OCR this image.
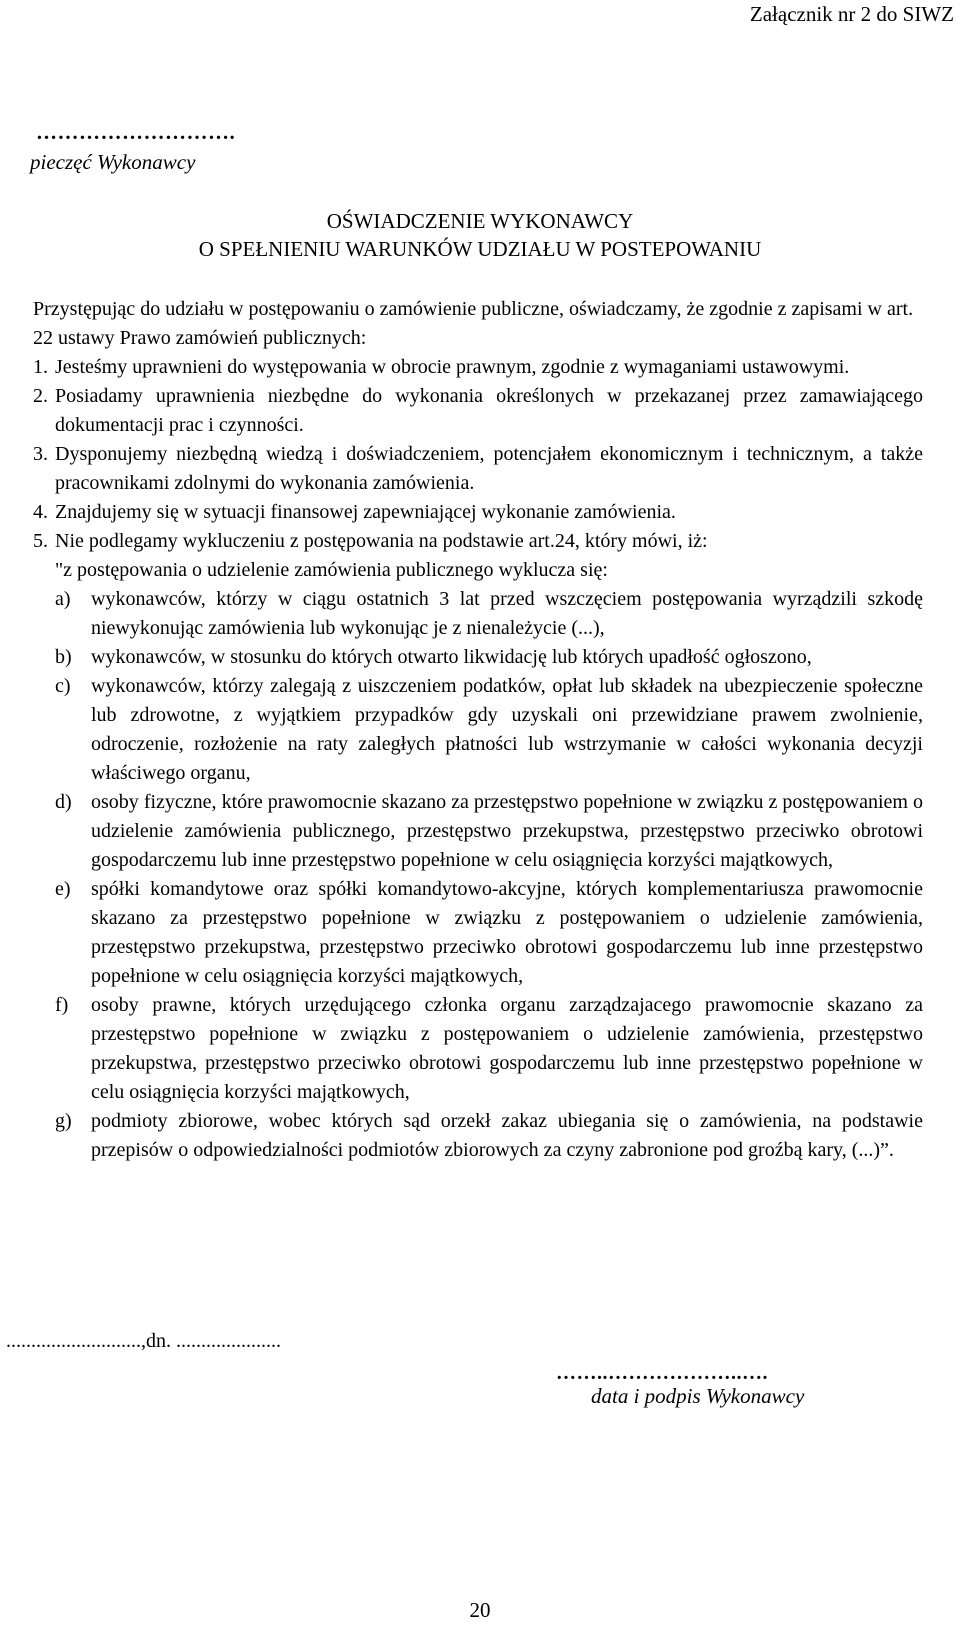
Załącznik nr 2 do SIWZ
……………………….
pieczęć Wykonawcy
OŚWIADCZENIE WYKONAWCY
O SPEŁNIENIU WARUNKÓW UDZIAŁU W POSTEPOWANIU

Przystępując do udziału w postępowaniu o zamówienie publiczne, oświadczamy, że zgodnie z zapisami w art. 22 ustawy Prawo zamówień publicznych:

1. Jesteśmy uprawnieni do występowania w obrocie prawnym, zgodnie z wymaganiami ustawowymi.
2. Posiadamy uprawnienia niezbędne do wykonania określonych w przekazanej przez zamawiającego dokumentacji prac i czynności.
3. Dysponujemy niezbędną wiedzą i doświadczeniem, potencjałem ekonomicznym i technicznym, a także pracownikami zdolnymi do wykonania zamówienia.
4. Znajdujemy się w sytuacji finansowej zapewniającej wykonanie zamówienia.
5. Nie podlegamy wykluczeniu z postępowania na podstawie art.24, który mówi, iż:
"z postępowania o udzielenie zamówienia publicznego wyklucza się:
a)	wykonawców, którzy w ciągu ostatnich 3 lat przed wszczęciem postępowania wyrządzili szkodę niewykonując zamówienia lub wykonując je z nienależycie (...),
b) wykonawców, w stosunku do których otwarto likwidację lub których upadłość ogłoszono,
c)	wykonawców, którzy zalegają z uiszczeniem podatków, opłat lub składek na ubezpieczenie społeczne lub zdrowotne, z wyjątkiem przypadków gdy uzyskali oni przewidziane prawem zwolnienie, odroczenie, rozłożenie na raty zaległych płatności lub wstrzymanie w całości wykonania decyzji właściwego organu,
d) osoby fizyczne, które prawomocnie skazano za przestępstwo popełnione w związku z postępowaniem o udzielenie zamówienia publicznego, przestępstwo przekupstwa, przestępstwo przeciwko obrotowi gospodarczemu lub inne przestępstwo popełnione w celu osiągnięcia korzyści majątkowych,
e)	spółki komandytowe oraz spółki komandytowo-akcyjne, których komplementariusza prawomocnie skazano za przestępstwo popełnione w związku z postępowaniem o udzielenie zamówienia, przestępstwo przekupstwa, przestępstwo przeciwko obrotowi gospodarczemu lub inne przestępstwo popełnione w celu osiągnięcia korzyści majątkowych,
f)	osoby prawne, których urzędującego członka organu zarządzajacego prawomocnie skazano za przestępstwo popełnione w związku z postępowaniem o udzielenie zamówienia, przestępstwo przekupstwa, przestępstwo przeciwko obrotowi gospodarczemu lub inne przestępstwo popełnione w celu osiągnięcia korzyści majątkowych,
g) podmioty zbiorowe, wobec których sąd orzekł zakaz ubiegania się o zamówienia, na podstawie przepisów o odpowiedzialności podmiotów zbiorowych za czyny zabronione pod groźbą kary, (...)”.
...........................,dn. .....................
……..………………..….
data i podpis Wykonawcy
20
